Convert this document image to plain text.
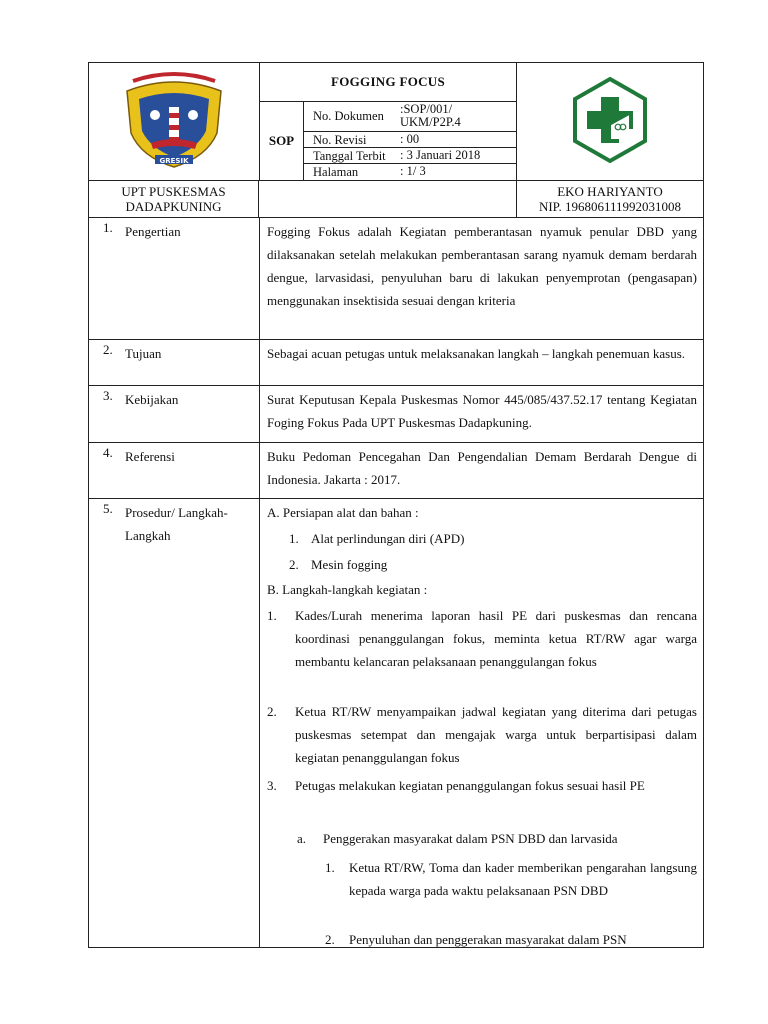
GRESIK
FOGGING FOCUS
SOP
No. Dokumen :SOP/001/
UKM/P2P.4
No. Revisi	: 00
Tanggal Terbit : 3 Januari 2018
Halaman	: 1/ 3
UPT PUSKESMAS
DADAPKUNING
EKO HARIYANTO
NIP. 196806111992031008
1. Pengertian	Fogging Fokus adalah Kegiatan pemberantasan nyamuk penular DBD yang dilaksanakan setelah melakukan pemberantasan sarang nyamuk demam berdarah dengue, larvasidasi, penyuluhan baru di lakukan penyemprotan (pengasapan) menggunakan insektisida sesuai dengan kriteria
2. Tujuan	Sebagai acuan petugas untuk melaksanakan langkah – langkah penemuan kasus.
3. Kebijakan	Surat Keputusan Kepala Puskesmas Nomor 445/085/437.52.17 tentang Kegiatan Foging Fokus Pada UPT Puskesmas Dadapkuning.
4. Referensi	Buku Pedoman Pencegahan Dan Pengendalian Demam Berdarah Dengue di Indonesia. Jakarta : 2017.
5. Prosedur/ Langkah-
Langkah
A. Persiapan alat dan bahan :
1. Alat perlindungan diri (APD)
2. Mesin fogging
B. Langkah-langkah kegiatan :
1. Kades/Lurah menerima laporan hasil PE dari puskesmas dan rencana koordinasi penanggulangan fokus, meminta ketua RT/RW agar warga membantu kelancaran pelaksanaan penanggulangan fokus
2. Ketua RT/RW menyampaikan jadwal kegiatan yang diterima dari petugas puskesmas setempat dan mengajak warga untuk berpartisipasi dalam kegiatan penanggulangan fokus
3. Petugas melakukan kegiatan penanggulangan fokus sesuai hasil PE
a. Penggerakan masyarakat dalam PSN DBD dan larvasida
1. Ketua RT/RW, Toma dan kader memberikan pengarahan langsung kepada warga pada waktu pelaksanaan PSN DBD
2. Penyuluhan dan penggerakan masyarakat dalam PSN
